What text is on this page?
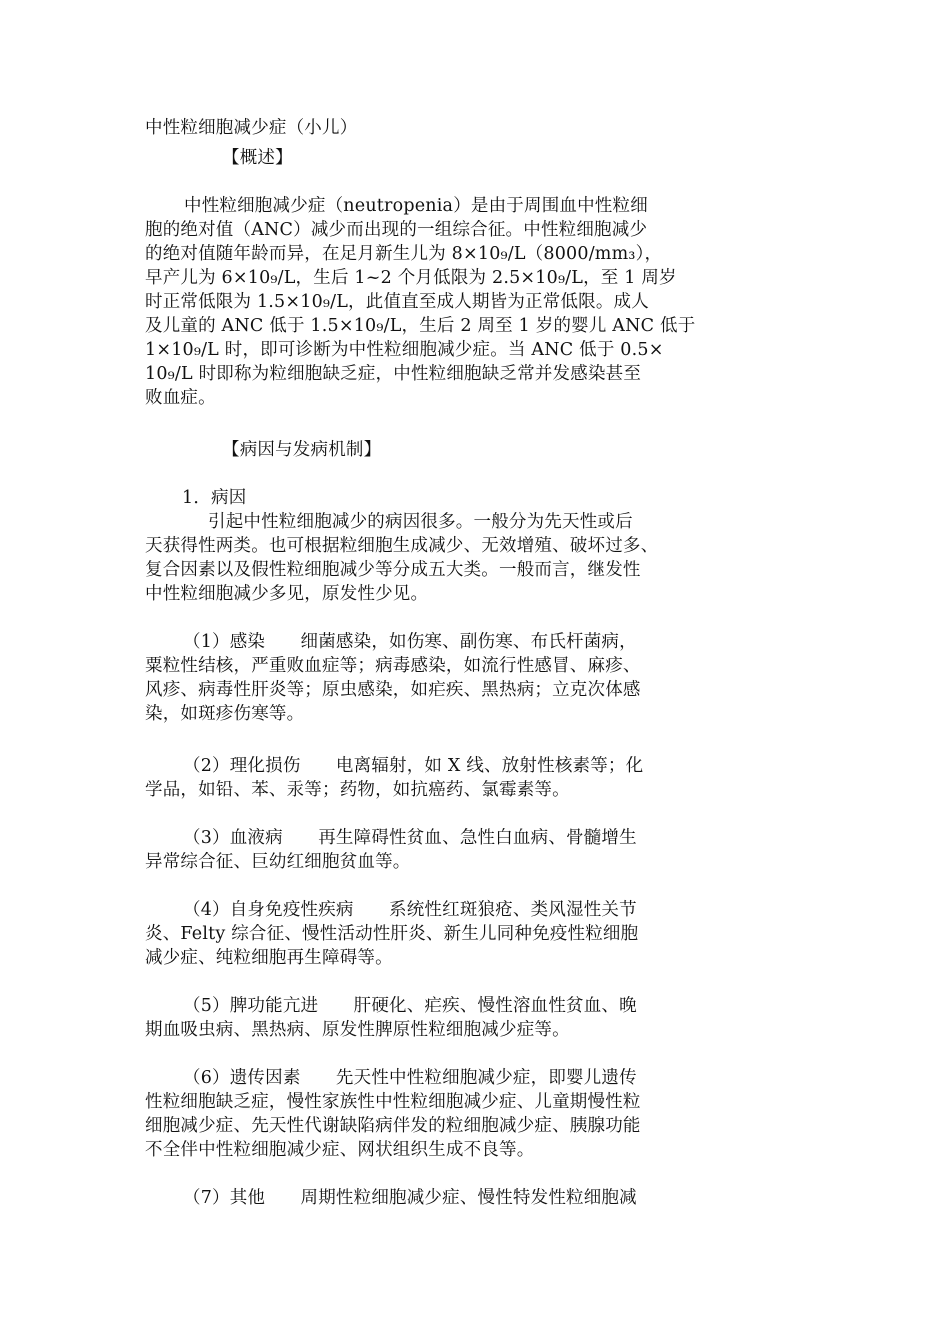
中性粒细胞减少症（小儿）
【概述】
中性粒细胞减少症（neutropenia）是由于周围血中性粒细
胞的绝对值（ANC）减少而出现的一组综合征。中性粒细胞减少
的绝对值随年龄而异，在足月新生儿为 8×10₉/L（8000/mm₃），
早产儿为 6×10₉/L，生后 1~2 个月低限为 2.5×10₉/L，至 1 周岁
时正常低限为 1.5×10₉/L，此值直至成人期皆为正常低限。成人
及儿童的 ANC 低于 1.5×10₉/L，生后 2 周至 1 岁的婴儿 ANC 低于
1×10₉/L 时，即可诊断为中性粒细胞减少症。当 ANC 低于 0.5×
10₉/L 时即称为粒细胞缺乏症，中性粒细胞缺乏常并发感染甚至
败血症。
【病因与发病机制】
1．病因
引起中性粒细胞减少的病因很多。一般分为先天性或后
天获得性两类。也可根据粒细胞生成减少、无效增殖、破坏过多、
复合因素以及假性粒细胞减少等分成五大类。一般而言，继发性
中性粒细胞减少多见，原发性少见。
（1）感染　　细菌感染，如伤寒、副伤寒、布氏杆菌病，
粟粒性结核，严重败血症等；病毒感染，如流行性感冒、麻疹、
风疹、病毒性肝炎等；原虫感染，如疟疾、黑热病；立克次体感
染，如斑疹伤寒等。
（2）理化损伤　　电离辐射，如 X 线、放射性核素等；化
学品，如铅、苯、汞等；药物，如抗癌药、氯霉素等。
（3）血液病　　再生障碍性贫血、急性白血病、骨髓增生
异常综合征、巨幼红细胞贫血等。
（4）自身免疫性疾病　　系统性红斑狼疮、类风湿性关节
炎、Felty 综合征、慢性活动性肝炎、新生儿同种免疫性粒细胞
减少症、纯粒细胞再生障碍等。
（5）脾功能亢进　　肝硬化、疟疾、慢性溶血性贫血、晚
期血吸虫病、黑热病、原发性脾原性粒细胞减少症等。
（6）遗传因素　　先天性中性粒细胞减少症，即婴儿遗传
性粒细胞缺乏症，慢性家族性中性粒细胞减少症、儿童期慢性粒
细胞减少症、先天性代谢缺陷病伴发的粒细胞减少症、胰腺功能
不全伴中性粒细胞减少症、网状组织生成不良等。
（7）其他　　周期性粒细胞减少症、慢性特发性粒细胞减
